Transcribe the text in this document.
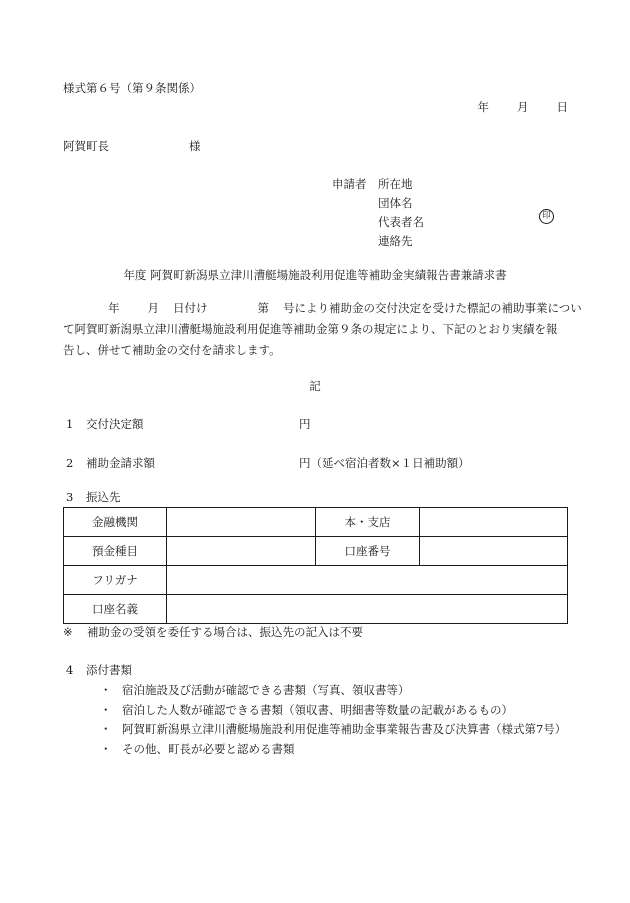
様式第６号（第９条関係）
年 月 日
阿賀町長	様
申請者 所在地
団体名
代表者名
連絡先
印
年度 阿賀町新潟県立津川漕艇場施設利用促進等補助金実績報告書兼請求書
年 月 日付け	第 号により補助金の交付決定を受けた標記の補助事業につい
て阿賀町新潟県立津川漕艇場施設利用促進等補助金第９条の規定により、下記のとおり実績を報
告し、併せて補助金の交付を請求します。
記
1 交付決定額	円
2 補助金請求額	円（延べ宿泊者数×１日補助額）
3 振込先
金融機関		本・支店	
預金種目		口座番号	
フリガナ			
口座名義			
※ 補助金の受領を委任する場合は、振込先の記入は不要
4 添付書類
・ 宿泊施設及び活動が確認できる書類（写真、領収書等）
・ 宿泊した人数が確認できる書類（領収書、明細書等数量の記載があるもの）
・ 阿賀町新潟県立津川漕艇場施設利用促進等補助金事業報告書及び決算書（様式第7号）
・ その他、町長が必要と認める書類
